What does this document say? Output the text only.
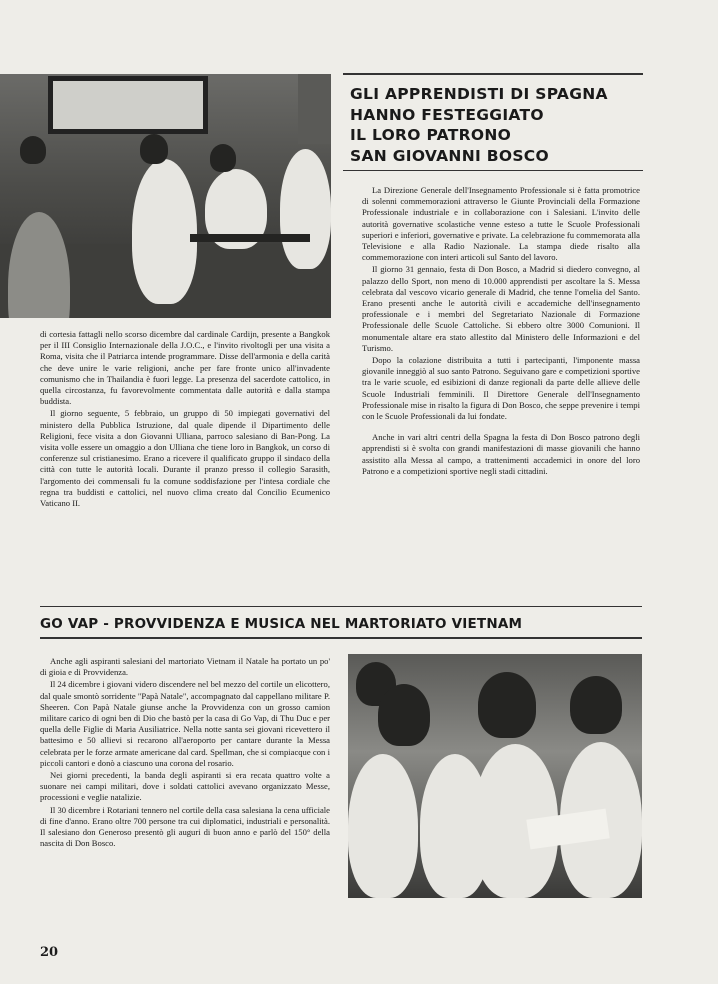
GLI APPRENDISTI DI SPAGNA
HANNO FESTEGGIATO
IL LORO PATRONO
SAN GIOVANNI BOSCO

di cortesia fattagli nello scorso dicembre dal cardinale Cardijn, presente a Bangkok per il III Consiglio Internazionale della J.O.C., e l'invito rivoltogli per una visita a Roma, visita che il Patriarca intende programmare. Disse dell'armonia e della carità che deve unire le varie religioni, anche per fare fronte unico all'invadente comunismo che in Thailandia è fuori legge. La presenza del sacerdote cattolico, in quella circostanza, fu favorevolmente commentata dalle autorità e dalla stampa buddista.

Il giorno seguente, 5 febbraio, un gruppo di 50 impiegati governativi del ministero della Pubblica Istruzione, dal quale dipende il Dipartimento delle Religioni, fece visita a don Giovanni Ulliana, parroco salesiano di Ban-Pong. La visita volle essere un omaggio a don Ulliana che tiene loro in Bangkok, un corso di conferenze sul cristianesimo. Erano a ricevere il qualificato gruppo il sindaco della città con tutte le autorità locali. Durante il pranzo presso il collegio Sarasith, l'argomento dei commensali fu la comune soddisfazione per l'intesa cordiale che regna tra buddisti e cattolici, nel nuovo clima creato dal Concilio Ecumenico Vaticano II.

La Direzione Generale dell'Insegnamento Professionale si è fatta promotrice di solenni commemorazioni attraverso le Giunte Provinciali della Formazione Professionale industriale e in collaborazione con i Salesiani. L'invito delle autorità governative scolastiche venne esteso a tutte le Scuole Professionali superiori e inferiori, governative e private. La celebrazione fu commemorata alla Televisione e alla Radio Nazionale. La stampa diede risalto alla commemorazione con interi articoli sul Santo del lavoro.

Il giorno 31 gennaio, festa di Don Bosco, a Madrid si diedero convegno, al palazzo dello Sport, non meno di 10.000 apprendisti per ascoltare la S. Messa celebrata dal vescovo vicario generale di Madrid, che tenne l'omelia del Santo. Erano presenti anche le autorità civili e accademiche dell'insegnamento professionale e i membri del Segretariato Nazionale di Formazione Professionale delle Scuole Cattoliche. Si ebbero oltre 3000 Comunioni. Il monumentale altare era stato allestito dal Ministero delle Informazioni e del Turismo.

Dopo la colazione distribuita a tutti i partecipanti, l'imponente massa giovanile inneggiò al suo santo Patrono. Seguivano gare e competizioni sportive tra le varie scuole, ed esibizioni di danze regionali da parte delle allieve delle Scuole Industriali femminili. Il Direttore Generale dell'Insegnamento Professionale mise in risalto la figura di Don Bosco, che seppe prevenire i tempi con le Scuole Professionali da lui fondate.

Anche in vari altri centri della Spagna la festa di Don Bosco patrono degli apprendisti si è svolta con grandi manifestazioni di masse giovanili che hanno assistito alla Messa al campo, a trattenimenti accademici in onore del loro Patrono e a competizioni sportive negli stadi cittadini.

GO VAP - PROVVIDENZA E MUSICA NEL MARTORIATO VIETNAM

Anche agli aspiranti salesiani del martoriato Vietnam il Natale ha portato un po' di gioia e di Provvidenza.

Il 24 dicembre i giovani videro discendere nel bel mezzo del cortile un elicottero, dal quale smontò sorridente "Papà Natale", accompagnato dal cappellano militare P. Sheeren. Con Papà Natale giunse anche la Provvidenza con un grosso camion militare carico di ogni ben di Dio che bastò per la casa di Go Vap, di Thu Duc e per quella delle Figlie di Maria Ausiliatrice. Nella notte santa sei giovani ricevettero il battesimo e 50 allievi si recarono all'aeroporto per cantare durante la Messa celebrata per le forze armate americane dal card. Spellman, che si compiacque con i piccoli cantori e donò a ciascuno una corona del rosario.

Nei giorni precedenti, la banda degli aspiranti si era recata quattro volte a suonare nei campi militari, dove i soldati cattolici avevano organizzato Messe, processioni e veglie natalizie.

Il 30 dicembre i Rotariani tennero nel cortile della casa salesiana la cena ufficiale di fine d'anno. Erano oltre 700 persone tra cui diplomatici, industriali e personalità. Il salesiano don Generoso presentò gli auguri di buon anno e parlò del 150° della nascita di Don Bosco.

20
